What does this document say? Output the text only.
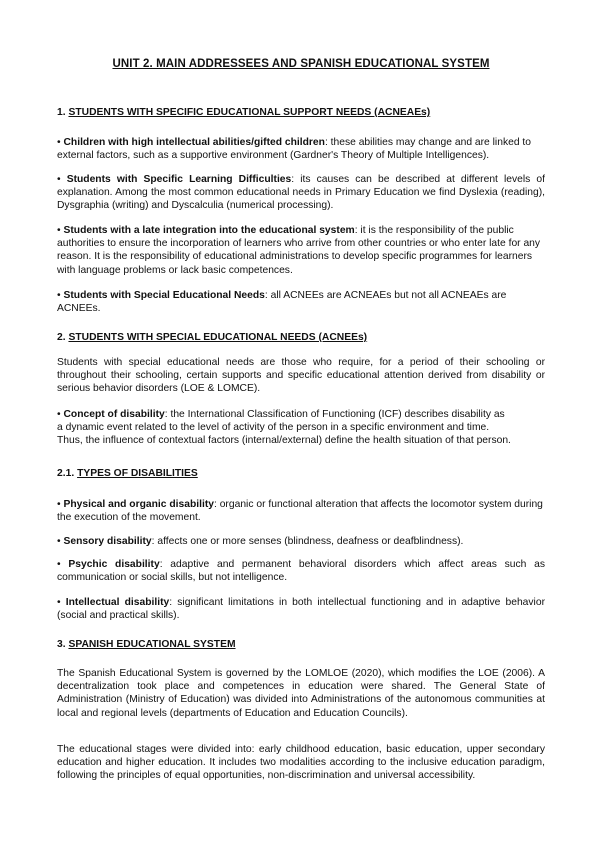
UNIT 2. MAIN ADDRESSEES AND SPANISH EDUCATIONAL SYSTEM
1. STUDENTS WITH SPECIFIC EDUCATIONAL SUPPORT NEEDS (ACNEAEs)

• Children with high intellectual abilities/gifted children: these abilities may change and are linked to external factors, such as a supportive environment (Gardner's Theory of Multiple Intelligences).

• Students with Specific Learning Difficulties: its causes can be described at different levels of explanation. Among the most common educational needs in Primary Education we find Dyslexia (reading), Dysgraphia (writing) and Dyscalculia (numerical processing).

• Students with a late integration into the educational system: it is the responsibility of the public authorities to ensure the incorporation of learners who arrive from other countries or who enter late for any reason. It is the responsibility of educational administrations to develop specific programmes for learners with language problems or lack basic competences.

• Students with Special Educational Needs: all ACNEEs are ACNEAEs but not all ACNEAEs are ACNEEs.

2. STUDENTS WITH SPECIAL EDUCATIONAL NEEDS (ACNEEs)

Students with special educational needs are those who require, for a period of their schooling or throughout their schooling, certain supports and specific educational attention derived from disability or serious behavior disorders (LOE & LOMCE).

• Concept of disability: the International Classification of Functioning (ICF) describes disability as
a dynamic event related to the level of activity of the person in a specific environment and time.
Thus, the influence of contextual factors (internal/external) define the health situation of that person.
2.1. TYPES OF DISABILITIES

• Physical and organic disability: organic or functional alteration that affects the locomotor system during the execution of the movement.

• Sensory disability: affects one or more senses (blindness, deafness or deafblindness).

• Psychic disability: adaptive and permanent behavioral disorders which affect areas such as communication or social skills, but not intelligence.

• Intellectual disability: significant limitations in both intellectual functioning and in adaptive behavior (social and practical skills).

3. SPANISH EDUCATIONAL SYSTEM

The Spanish Educational System is governed by the LOMLOE (2020), which modifies the LOE (2006). A decentralization took place and competences in education were shared. The General State of Administration (Ministry of Education) was divided into Administrations of the autonomous communities at local and regional levels (departments of Education and Education Councils).

The educational stages were divided into: early childhood education, basic education, upper secondary education and higher education. It includes two modalities according to the inclusive education paradigm, following the principles of equal opportunities, non-discrimination and universal accessibility.
